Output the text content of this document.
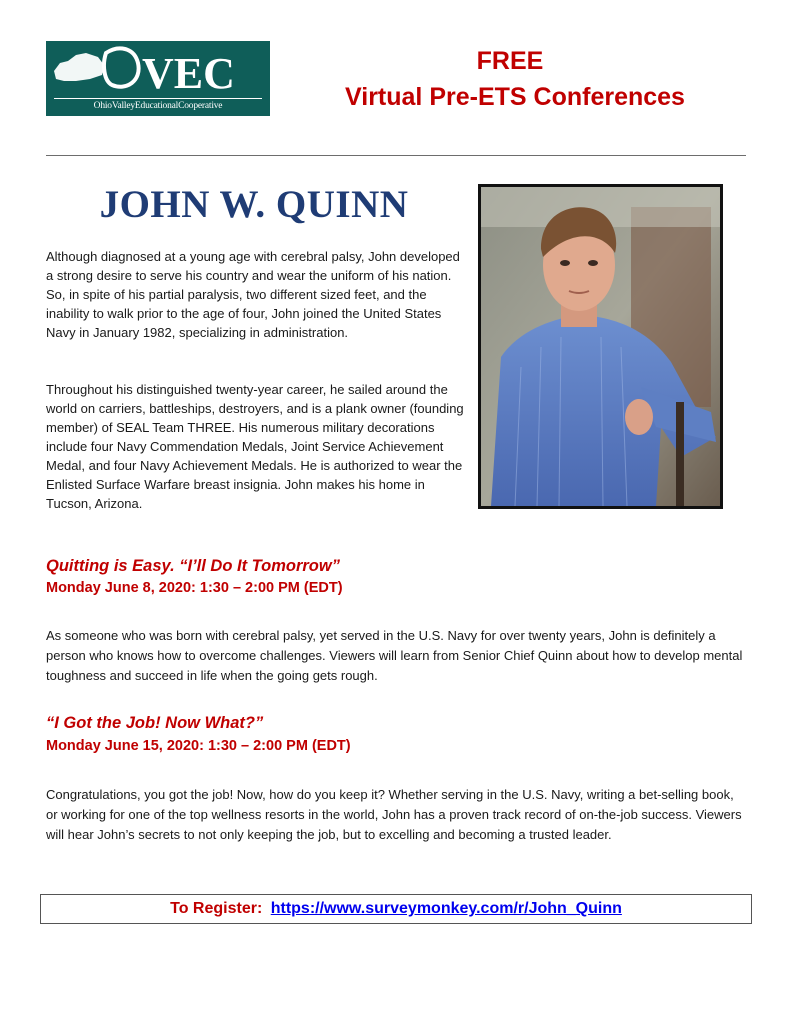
VEC
OhioValleyEducationalCooperative
FREE
Virtual Pre-ETS Conferences
JOHN W. QUINN

Although diagnosed at a young age with cerebral palsy, John developed a strong desire to serve his country and wear the uniform of his nation. So, in spite of his partial paralysis, two different sized feet, and the inability to walk prior to the age of four, John joined the United States Navy in January 1982, specializing in administration.

Throughout his distinguished twenty-year career, he sailed around the world on carriers, battleships, destroyers, and is a plank owner (founding member) of SEAL Team THREE. His numerous military decorations include four Navy Commendation Medals, Joint Service Achievement Medal, and four Navy Achievement Medals. He is authorized to wear the Enlisted Surface Warfare breast insignia. John makes his home in Tucson, Arizona.

Quitting is Easy. “I’ll Do It Tomorrow”

Monday June 8, 2020: 1:30 – 2:00 PM (EDT)

As someone who was born with cerebral palsy, yet served in the U.S. Navy for over twenty years, John is definitely a person who knows how to overcome challenges. Viewers will learn from Senior Chief Quinn about how to develop mental toughness and succeed in life when the going gets rough.

“I Got the Job! Now What?”

Monday June 15, 2020: 1:30 – 2:00 PM (EDT)

Congratulations, you got the job! Now, how do you keep it? Whether serving in the U.S. Navy, writing a bet-selling book, or working for one of the top wellness resorts in the world, John has a proven track record of on-the-job success. Viewers will hear John’s secrets to not only keeping the job, but to excelling and becoming a trusted leader.

To Register: https://www.surveymonkey.com/r/John_Quinn
